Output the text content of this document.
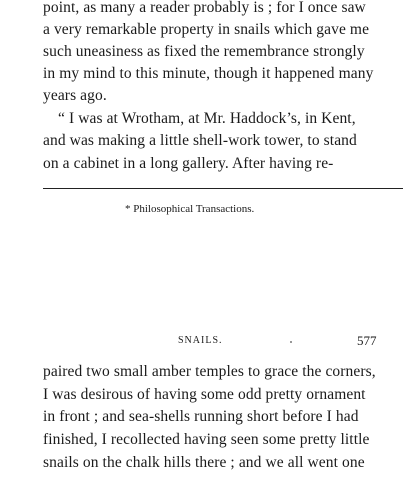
point, as many a reader probably is ; for I once saw
a very remarkable property in snails which gave me
such uneasiness as fixed the remembrance strongly
in my mind to this minute, though it happened many
years ago.
“ I was at Wrotham, at Mr. Haddock’s, in Kent,
and was making a little shell-work tower, to stand
on a cabinet in a long gallery. After having re-
* Philosophical Transactions.
SNAILS.	577
paired two small amber temples to grace the corners,
I was desirous of having some odd pretty ornament
in front ; and sea-shells running short before I had
finished, I recollected having seen some pretty little
snails on the chalk hills there ; and we all went one
